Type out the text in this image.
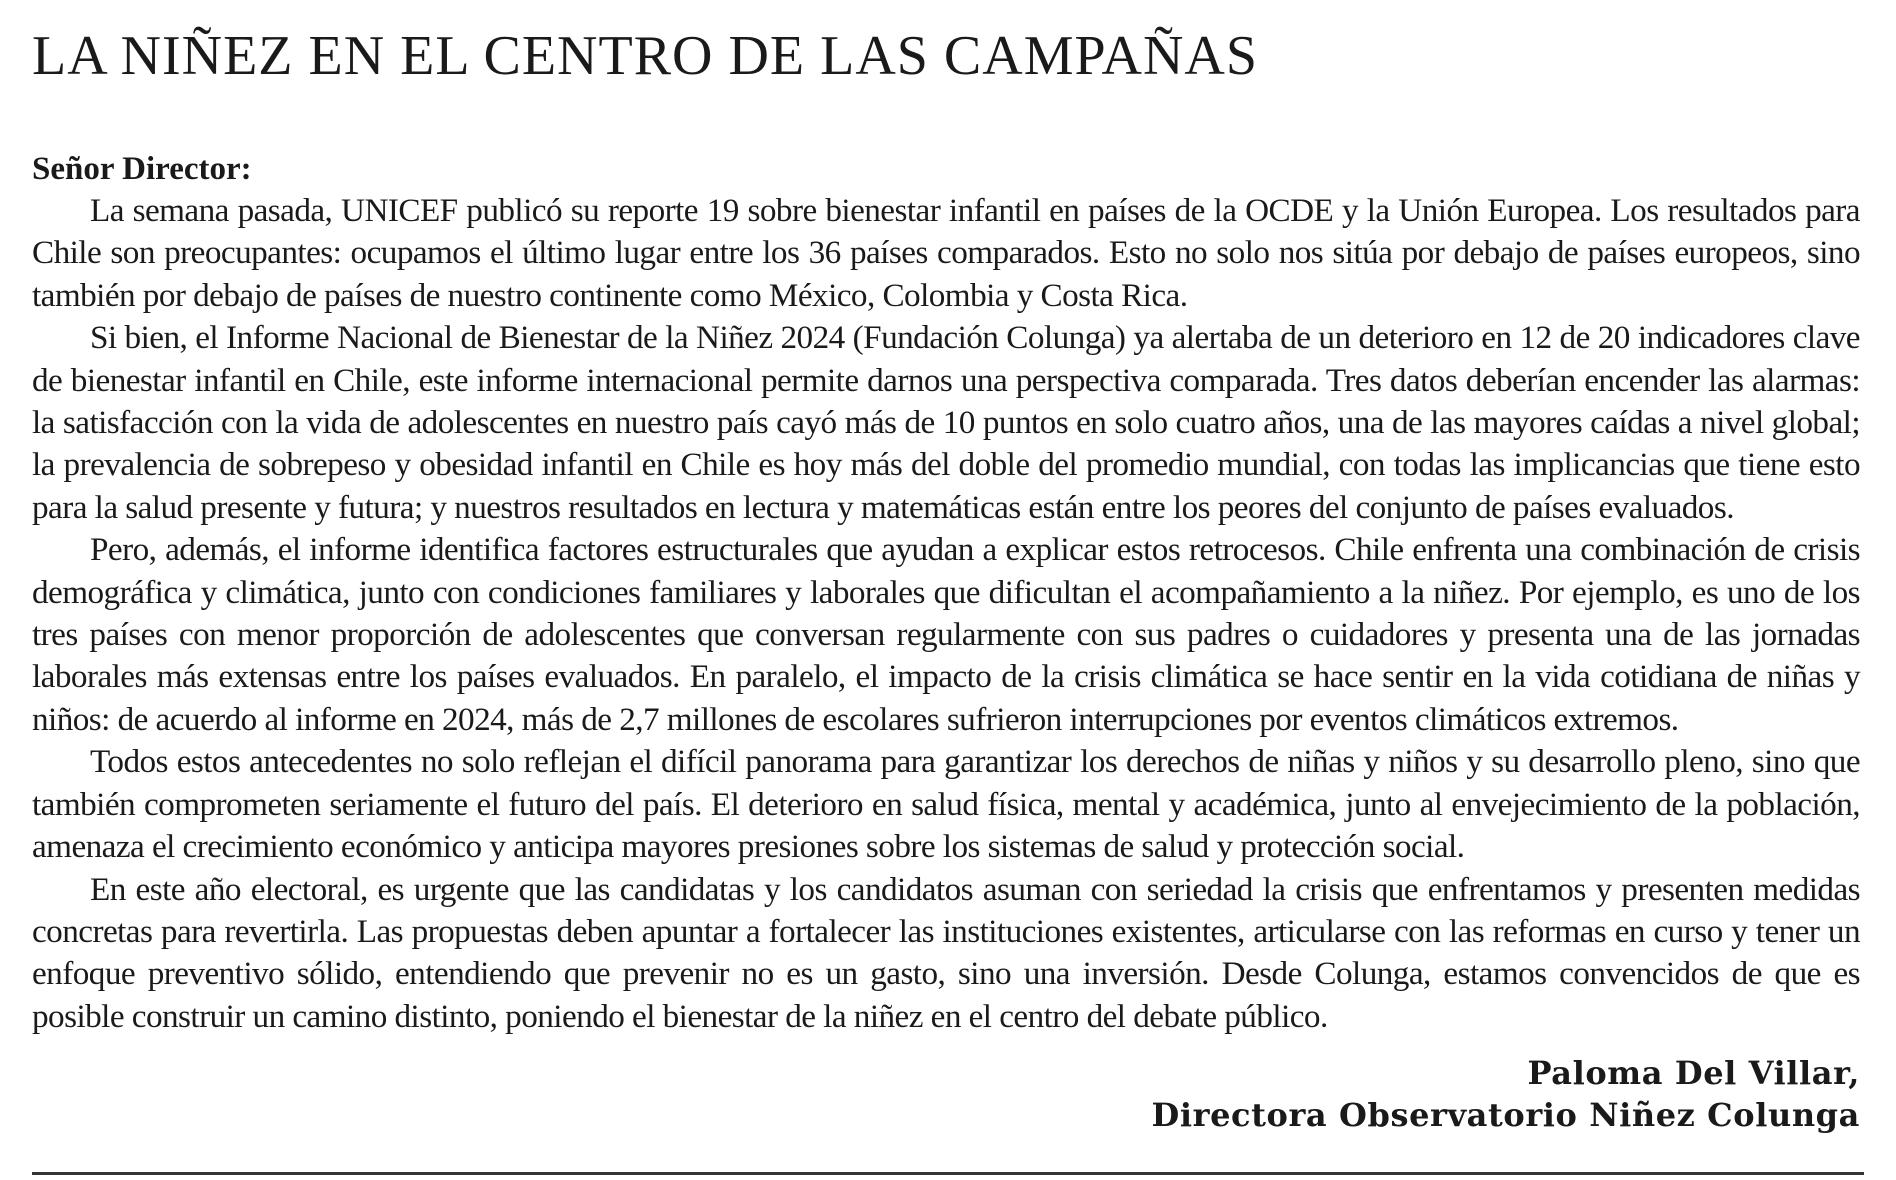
LA NIÑEZ EN EL CENTRO DE LAS CAMPAÑAS
Señor Director:

La semana pasada, UNICEF publicó su reporte 19 sobre bienestar infantil en países de la OCDE y la Unión Europea. Los resultados para Chile son preocupantes: ocupamos el último lugar entre los 36 países comparados. Esto no solo nos sitúa por debajo de países europeos, sino también por debajo de países de nuestro continente como México, Colombia y Costa Rica.

Si bien, el Informe Nacional de Bienestar de la Niñez 2024 (Fundación Colunga) ya alertaba de un deterioro en 12 de 20 indicadores clave de bienestar infantil en Chile, este informe internacional permite darnos una perspectiva comparada. Tres datos deberían encender las alarmas: la satisfacción con la vida de adolescentes en nuestro país cayó más de 10 puntos en solo cuatro años, una de las mayores caídas a nivel global; la prevalencia de sobrepeso y obesidad infantil en Chile es hoy más del doble del promedio mundial, con todas las implicancias que tiene esto para la salud presente y futura; y nuestros resultados en lectura y matemáticas están entre los peores del conjunto de países evaluados.

Pero, además, el informe identifica factores estructurales que ayudan a explicar estos retrocesos. Chile enfrenta una combinación de crisis demográfica y climática, junto con condiciones familiares y laborales que dificultan el acompañamiento a la niñez. Por ejemplo, es uno de los tres países con menor proporción de adolescentes que conversan regularmente con sus padres o cuidadores y presenta una de las jornadas laborales más extensas entre los países evaluados. En paralelo, el impacto de la crisis climática se hace sentir en la vida cotidiana de niñas y niños: de acuerdo al informe en 2024, más de 2,7 millones de escolares sufrieron interrupciones por eventos climáticos extremos.

Todos estos antecedentes no solo reflejan el difícil panorama para garantizar los derechos de niñas y niños y su desarrollo pleno, sino que también comprometen seriamente el futuro del país. El deterioro en salud física, mental y académica, junto al envejecimiento de la población, amenaza el crecimiento económico y anticipa mayores presiones sobre los sistemas de salud y protección social.

En este año electoral, es urgente que las candidatas y los candidatos asuman con seriedad la crisis que enfrentamos y presenten medidas concretas para revertirla. Las propuestas deben apuntar a fortalecer las instituciones existentes, articularse con las reformas en curso y tener un enfoque preventivo sólido, entendiendo que prevenir no es un gasto, sino una inversión. Desde Colunga, estamos convencidos de que es posible construir un camino distinto, poniendo el bienestar de la niñez en el centro del debate público.

Paloma Del Villar,
Directora Observatorio Niñez Colunga
